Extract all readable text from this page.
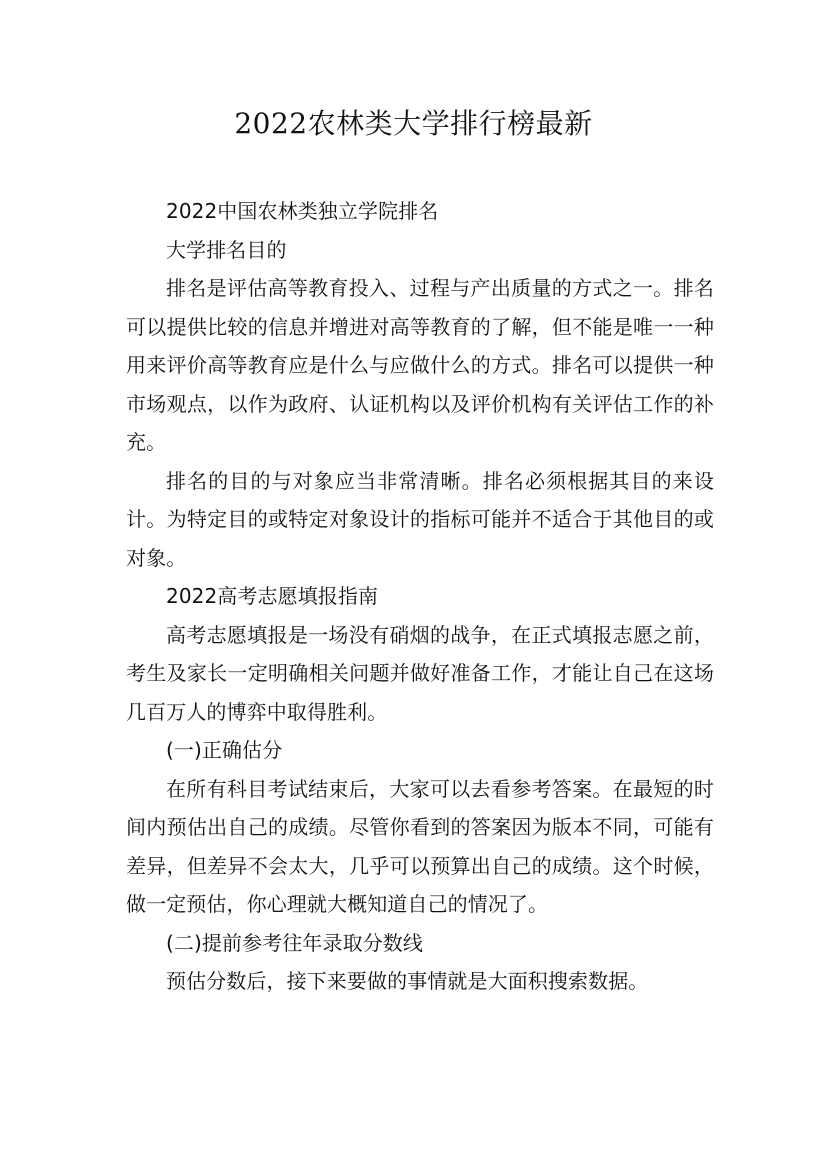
2022农林类大学排行榜最新

2022中国农林类独立学院排名

大学排名目的

排名是评估高等教育投入、过程与产出质量的方式之一。排名可以提供比较的信息并增进对高等教育的了解，但不能是唯一一种用来评价高等教育应是什么与应做什么的方式。排名可以提供一种市场观点，以作为政府、认证机构以及评价机构有关评估工作的补充。

排名的目的与对象应当非常清晰。排名必须根据其目的来设计。为特定目的或特定对象设计的指标可能并不适合于其他目的或对象。

2022高考志愿填报指南

高考志愿填报是一场没有硝烟的战争，在正式填报志愿之前，考生及家长一定明确相关问题并做好准备工作，才能让自己在这场几百万人的博弈中取得胜利。

(一)正确估分

在所有科目考试结束后，大家可以去看参考答案。在最短的时间内预估出自己的成绩。尽管你看到的答案因为版本不同，可能有差异，但差异不会太大，几乎可以预算出自己的成绩。这个时候，做一定预估，你心理就大概知道自己的情况了。

(二)提前参考往年录取分数线

预估分数后，接下来要做的事情就是大面积搜索数据。
